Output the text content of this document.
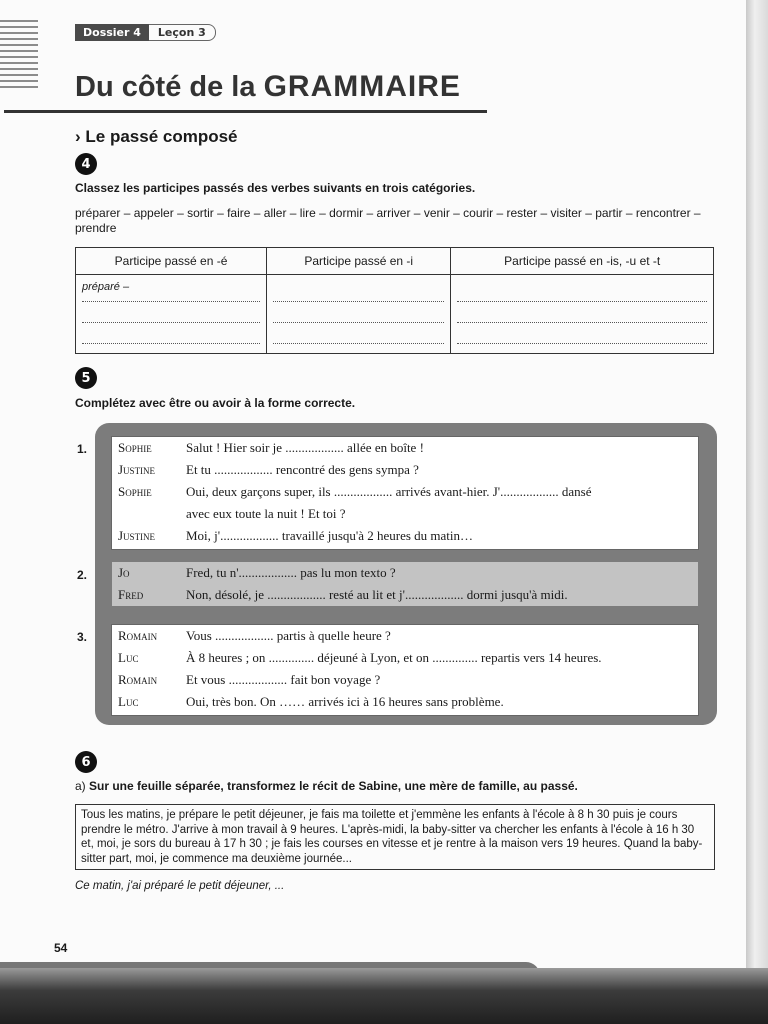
Dossier 4	Leçon 3
Du côté de la GRAMMAIRE
› Le passé composé
4
Classez les participes passés des verbes suivants en trois catégories.
préparer – appeler – sortir – faire – aller – lire – dormir – arriver – venir – courir – rester – visiter – partir – rencontrer – prendre
Participe passé en -é	Participe passé en -i	Participe passé en -is, -u et -t

préparé –		

5
Complétez avec être ou avoir à la forme correcte.
1.	Sophie	Salut ! Hier soir je .................. allée en boîte !
Justine	Et tu .................. rencontré des gens sympa ?
Sophie	Oui, deux garçons super, ils .................. arrivés avant-hier. J'.................. dansé
avec eux toute la nuit ! Et toi ?
Justine	Moi, j'.................. travaillé jusqu'à 2 heures du matin…
2.	Jo	Fred, tu n'.................. pas lu mon texto ?
Fred	Non, désolé, je .................. resté au lit et j'.................. dormi jusqu'à midi.
3.	Romain	Vous .................. partis à quelle heure ?
Luc	À 8 heures ; on .............. déjeuné à Lyon, et on .............. repartis vers 14 heures.
Romain	Et vous .................. fait bon voyage ?
Luc	Oui, très bon. On …… arrivés ici à 16 heures sans problème.
6
a) Sur une feuille séparée, transformez le récit de Sabine, une mère de famille, au passé.
Tous les matins, je prépare le petit déjeuner, je fais ma toilette et j'emmène les enfants à l'école à 8 h 30 puis je cours prendre le métro. J'arrive à mon travail à 9 heures. L'après-midi, la baby-sitter va chercher les enfants à l'école à 16 h 30 et, moi, je sors du bureau à 17 h 30 ; je fais les courses en vitesse et je rentre à la maison vers 19 heures. Quand la baby-sitter part, moi, je commence ma deuxième journée...
Ce matin, j'ai préparé le petit déjeuner, ...
54
